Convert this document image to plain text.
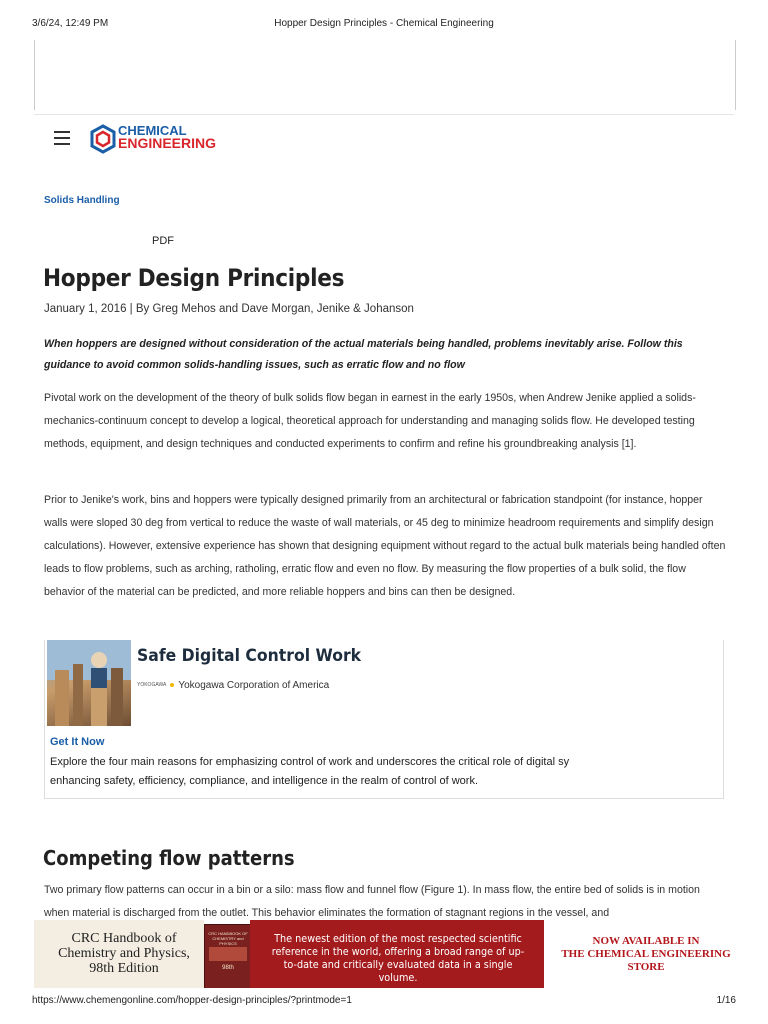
3/6/24, 12:49 PM	Hopper Design Principles - Chemical Engineering
CHEMICAL
ENGINEERING
Solids Handling
PDF
Hopper Design Principles
January 1, 2016 | By Greg Mehos and Dave Morgan, Jenike & Johanson
When hoppers are designed without consideration of the actual materials being handled, problems inevitably arise. Follow this guidance to avoid common solids-handling issues, such as erratic flow and no flow
Pivotal work on the development of the theory of bulk solids flow began in earnest in the early 1950s, when Andrew Jenike applied a solids-mechanics-continuum concept to develop a logical, theoretical approach for understanding and managing solids flow. He developed testing methods, equipment, and design techniques and conducted experiments to confirm and refine his groundbreaking analysis [1].
Prior to Jenike's work, bins and hoppers were typically designed primarily from an architectural or fabrication standpoint (for instance, hopper walls were sloped 30 deg from vertical to reduce the waste of wall materials, or 45 deg to minimize headroom requirements and simplify design calculations). However, extensive experience has shown that designing equipment without regard to the actual bulk materials being handled often leads to flow problems, such as arching, ratholing, erratic flow and even no flow. By measuring the flow properties of a bulk solid, the flow behavior of the material can be predicted, and more reliable hoppers and bins can then be designed.
Safe Digital Control Work
YOKOGAWA Yokogawa Corporation of America
Get It Now
Explore the four main reasons for emphasizing control of work and underscores the critical role of digital sy
enhancing safety, efficiency, compliance, and intelligence in the realm of control of work.
Competing flow patterns
Two primary flow patterns can occur in a bin or a silo: mass flow and funnel flow (Figure 1). In mass flow, the entire bed of solids is in motion when material is discharged from the outlet. This behavior eliminates the formation of stagnant regions in the vessel, and
CRC Handbook of
Chemistry and Physics,
98th Edition
CRC HANDBOOK OF CHEMISTRY and PHYSICS
98th
The newest edition of the most respected scientific reference in the world, offering a broad range of up-to-date and critically evaluated data in a single volume.
NOW AVAILABLE IN
THE CHEMICAL ENGINEERING
STORE
https://www.chemengonline.com/hopper-design-principles/?printmode=1	1/16
